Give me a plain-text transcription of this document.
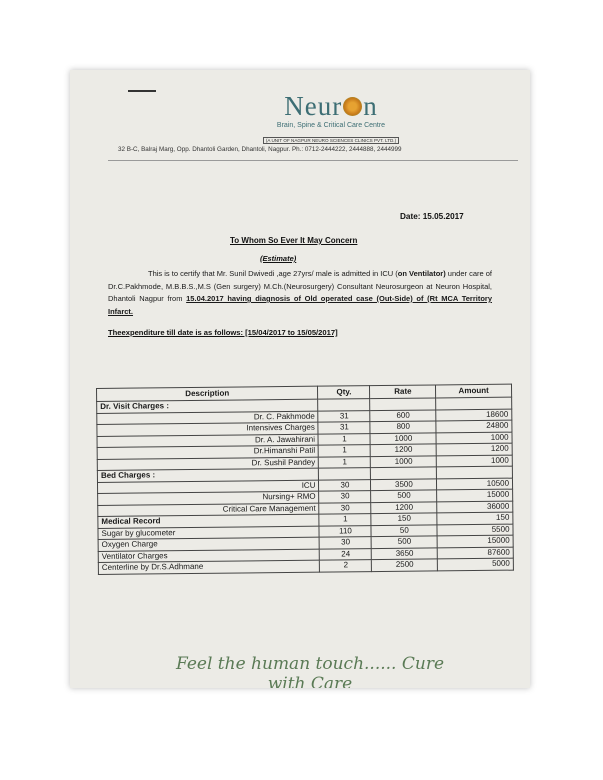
Neur n
Brain, Spine & Critical Care Centre
(A UNIT OF NAGPUR NEURO SCIENCES CLINICS PVT. LTD.)
32 B-C, Balraj Marg, Opp. Dhantoli Garden, Dhantoli, Nagpur. Ph.: 0712-2444222, 2444888, 2444999
Date: 15.05.2017
To Whom So Ever It May Concern
(Estimate)

This is to certify that Mr. Sunil Dwivedi ,age 27yrs/ male is admitted in ICU (on Ventilator) under care of Dr.C.Pakhmode, M.B.B.S.,M.S (Gen surgery) M.Ch.(Neurosurgery) Consultant Neurosurgeon at Neuron Hospital, Dhantoli Nagpur from 15.04.2017 having diagnosis of Old operated case (Out-Side) of (Rt MCA Territory Infarct.

Theexpenditure till date is as follows: [15/04/2017 to 15/05/2017]
Description	Qty.	Rate	Amount
Dr. Visit Charges :			
Dr. C. Pakhmode	31	600	18600
Intensives Charges	31	800	24800
Dr. A. Jawahirani	1	1000	1000
Dr.Himanshi Patil	1	1200	1200
Dr. Sushil Pandey	1	1000	1000
Bed Charges :			
ICU	30	3500	10500
Nursing+ RMO	30	500	15000
Critical Care Management	30	1200	36000
Medical Record	1	150	150
Sugar by glucometer	110	50	5500
Oxygen Charge	30	500	15000
Ventilator Charges	24	3650	87600
Centerline by Dr.S.Adhmane	2	2500	5000
Feel the human touch...... Cure with Care
